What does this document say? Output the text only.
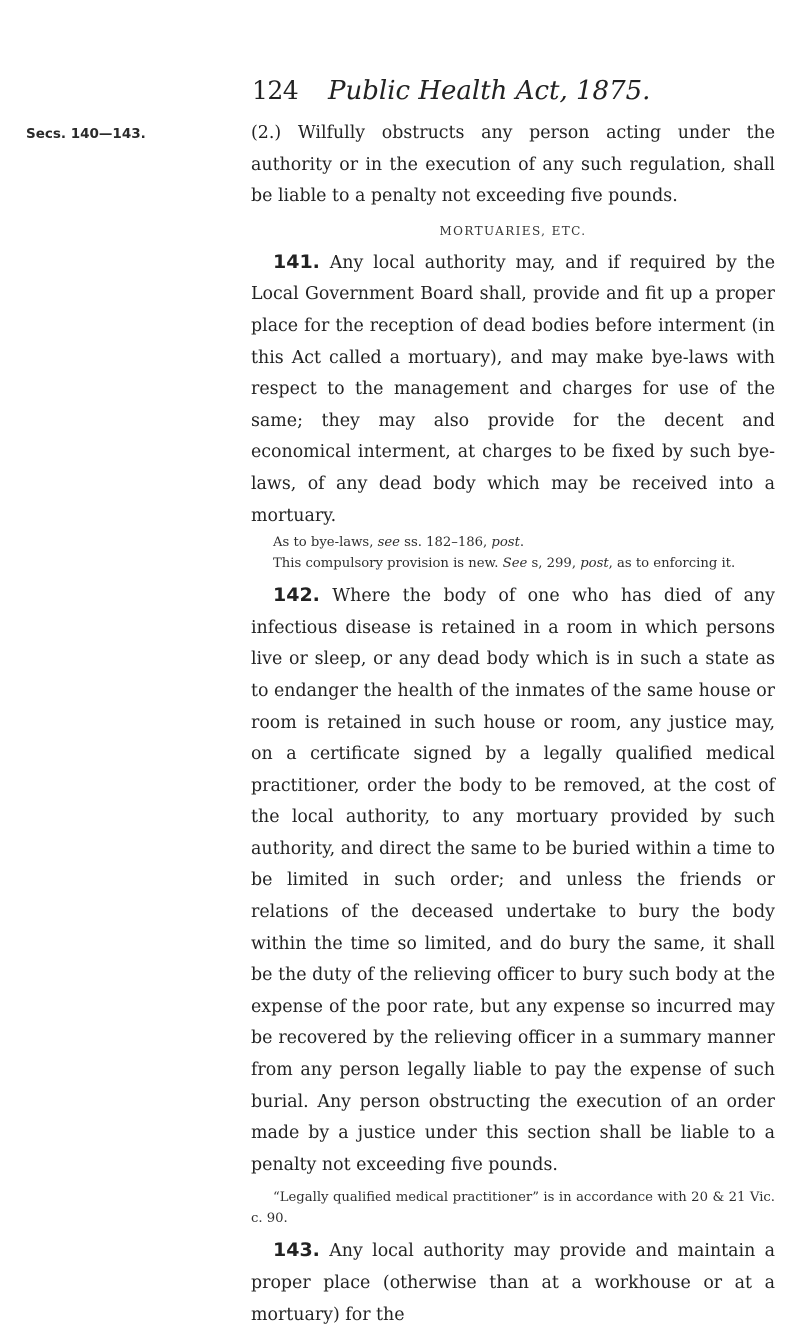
124 Public Health Act, 1875.
Secs. 140—143.	(2.) Wilfully obstructs any person acting under the authority or in the execution of any such regulation, shall be liable to a penalty not exceeding five pounds.

MORTUARIES, ETC.

141. Any local authority may, and if required by the Local Government Board shall, provide and fit up a proper place for the reception of dead bodies before interment (in this Act called a mortuary), and may make bye-laws with respect to the management and charges for use of the same; they may also provide for the decent and economical interment, at charges to be fixed by such bye-laws, of any dead body which may be received into a mortuary.

As to bye-laws, see ss. 182–186, post.
This compulsory provision is new. See s, 299, post, as to enforcing it.

142. Where the body of one who has died of any infectious disease is retained in a room in which persons live or sleep, or any dead body which is in such a state as to endanger the health of the inmates of the same house or room is retained in such house or room, any justice may, on a certificate signed by a legally qualified medical practitioner, order the body to be removed, at the cost of the local authority, to any mortuary provided by such authority, and direct the same to be buried within a time to be limited in such order; and unless the friends or relations of the deceased undertake to bury the body within the time so limited, and do bury the same, it shall be the duty of the relieving officer to bury such body at the expense of the poor rate, but any expense so incurred may be recovered by the relieving officer in a summary manner from any person legally liable to pay the expense of such burial. Any person obstructing the execution of an order made by a justice under this section shall be liable to a penalty not exceeding five pounds.

“Legally qualified medical practitioner” is in accordance with 20 & 21 Vic. c. 90.

143. Any local authority may provide and maintain a proper place (otherwise than at a workhouse or at a mortuary) for the
